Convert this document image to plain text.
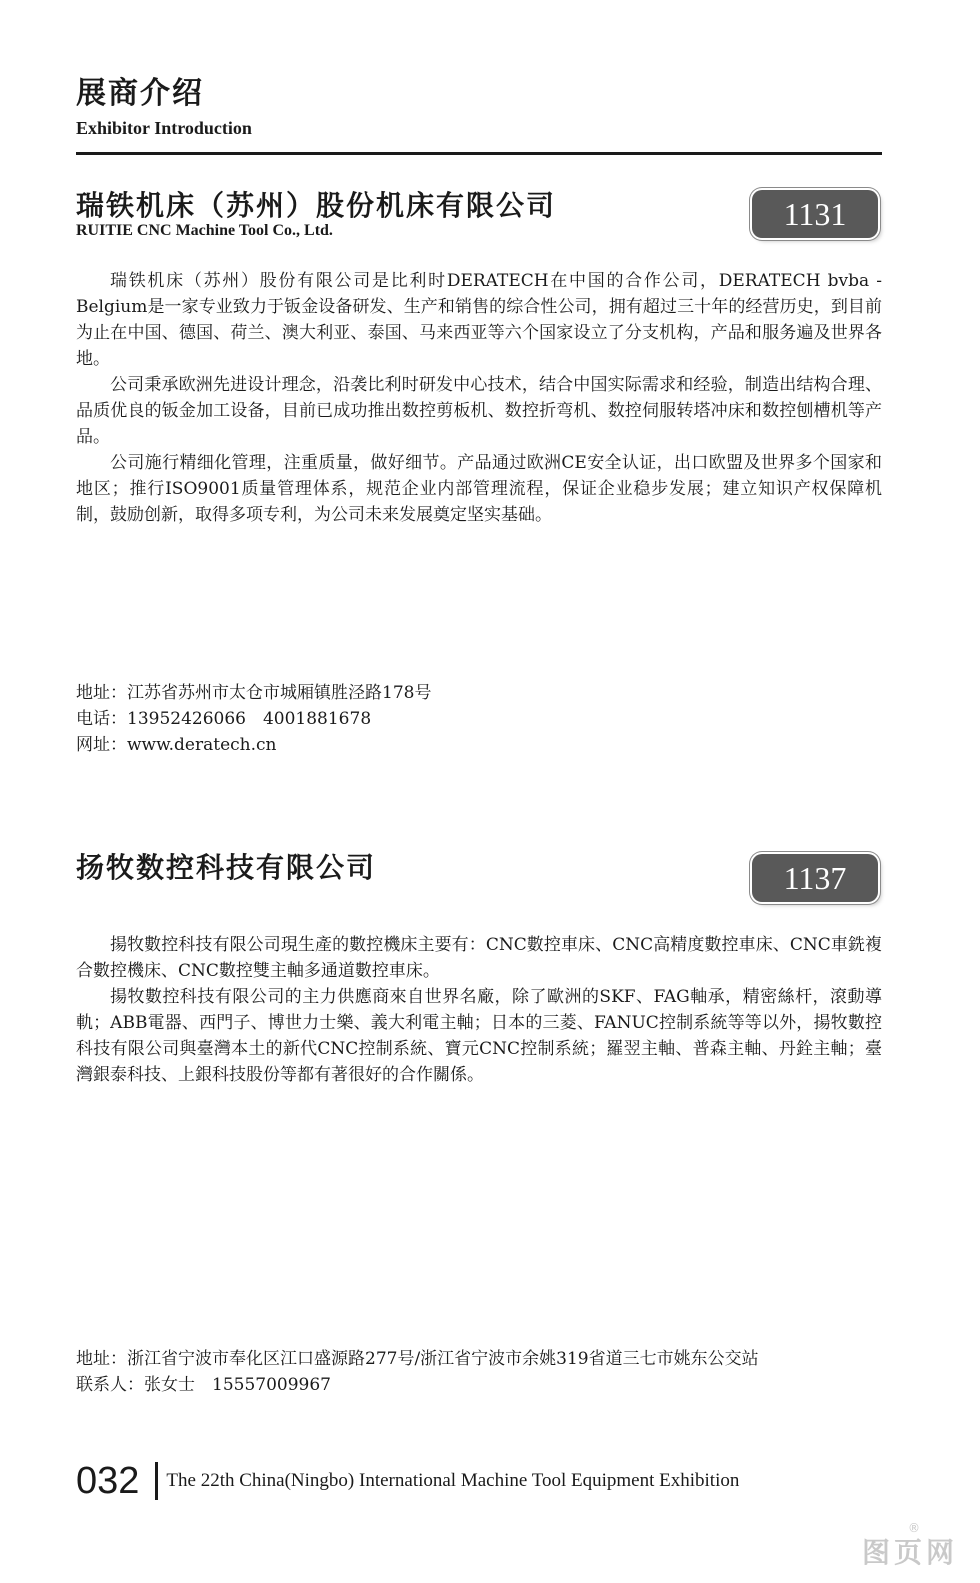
展商介绍
Exhibitor Introduction
瑞铁机床（苏州）股份机床有限公司
RUITIE CNC Machine Tool Co., Ltd.	1131

瑞铁机床（苏州）股份有限公司是比利时DERATECH在中国的合作公司，DERATECH bvba - Belgium是一家专业致力于钣金设备研发、生产和销售的综合性公司，拥有超过三十年的经营历史，到目前为止在中国、德国、荷兰、澳大利亚、泰国、马来西亚等六个国家设立了分支机构，产品和服务遍及世界各地。

公司秉承欧洲先进设计理念，沿袭比利时研发中心技术，结合中国实际需求和经验，制造出结构合理、品质优良的钣金加工设备，目前已成功推出数控剪板机、数控折弯机、数控伺服转塔冲床和数控刨槽机等产品。

公司施行精细化管理，注重质量，做好细节。产品通过欧洲CE安全认证，出口欧盟及世界多个国家和地区；推行ISO9001质量管理体系，规范企业内部管理流程，保证企业稳步发展；建立知识产权保障机制，鼓励创新，取得多项专利，为公司未来发展奠定坚实基础。

地址：江苏省苏州市太仓市城厢镇胜泾路178号
电话：13952426066　4001881678
网址：www.deratech.cn
扬牧数控科技有限公司	1137

揚牧數控科技有限公司現生產的數控機床主要有：CNC數控車床、CNC高精度數控車床、CNC車銑複合數控機床、CNC數控雙主軸多通道數控車床。

揚牧數控科技有限公司的主力供應商來自世界名廠，除了歐洲的SKF、FAG軸承，精密絲杆，滾動導軌；ABB電器、西門子、博世力士樂、義大利電主軸；日本的三菱、FANUC控制系統等等以外，揚牧數控科技有限公司與臺灣本土的新代CNC控制系統、寶元CNC控制系統；羅翌主軸、普森主軸、丹銓主軸；臺灣銀泰科技、上銀科技股份等都有著很好的合作關係。

地址：浙江省宁波市奉化区江口盛源路277号/浙江省宁波市余姚319省道三七市姚东公交站
联系人：张女士　15557009967
032 The 22th China(Ningbo) International Machine Tool Equipment Exhibition
®
图页网
